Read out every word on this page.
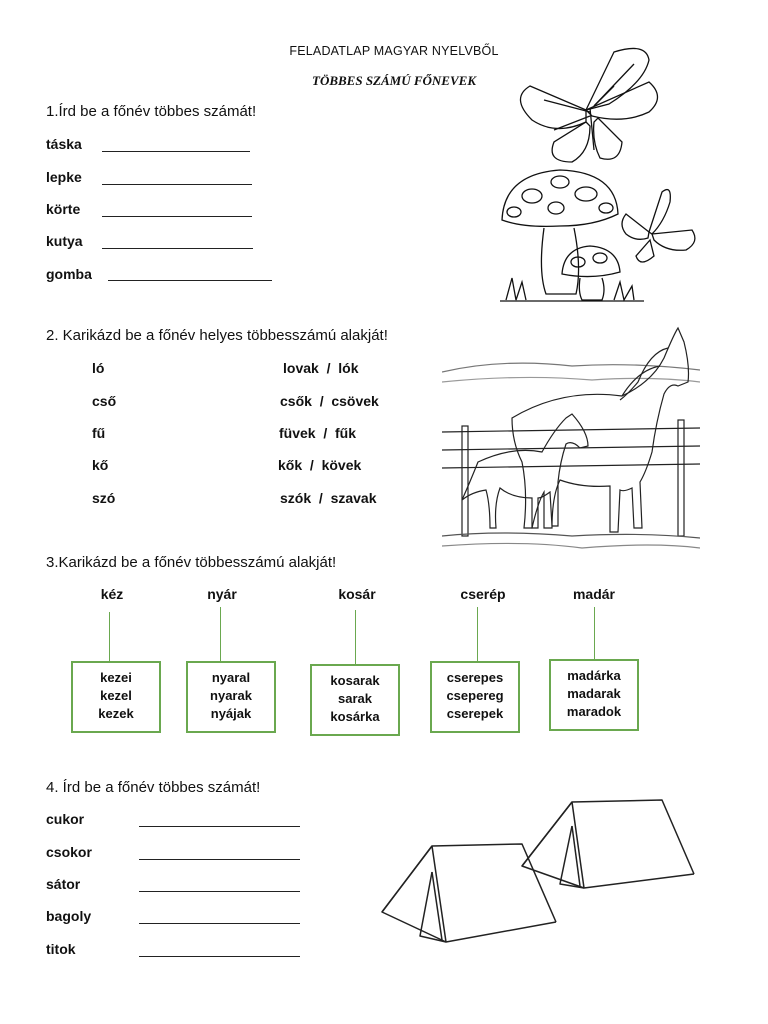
FELADATLAP MAGYAR NYELVBŐL
TÖBBES SZÁMÚ FŐNEVEK
1.Írd be a főnév többes számát!
táska
lepke
körte
kutya
gomba
2. Karikázd be a főnév helyes többesszámú alakját!
ló	lovak  /  lók
cső	csők  /  csövek
fű	füvek  /  fűk
kő	kők  /  kövek
szó	szók  /  szavak
3.Karikázd be a főnév többesszámú alakját!
kéz
kezei
kezel
kezek
nyár
nyaral
nyarak
nyájak
kosár
kosarak
sarak
kosárka
cserép
cserepes
csepereg
cserepek
madár
madárka
madarak
maradok
4. Írd be a főnév többes számát!
cukor
csokor
sátor
bagoly
titok
